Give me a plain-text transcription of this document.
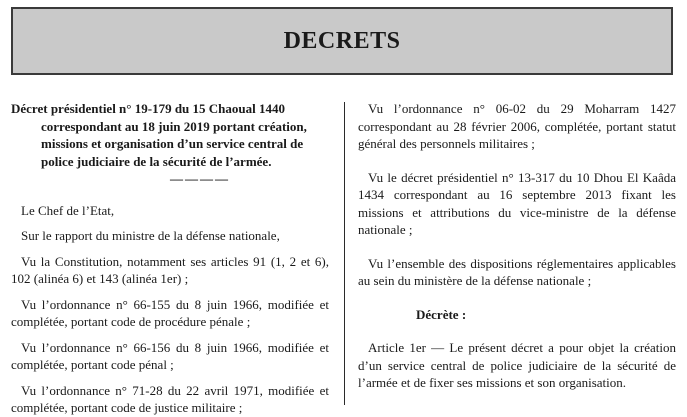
DECRETS

Décret présidentiel n° 19-179 du 15 Chaoual 1440
correspondant au 18 juin 2019 portant création,
missions et organisation d’un service central de
police judiciaire de la sécurité de l’armée.

————

Le Chef de l’Etat,

Sur le rapport du ministre de la défense nationale,

Vu la Constitution, notamment ses articles 91 (1, 2 et 6), 102 (alinéa 6) et 143 (alinéa 1er) ;

Vu l’ordonnance n° 66-155 du 8 juin 1966, modifiée et complétée, portant code de procédure pénale ;

Vu l’ordonnance n° 66-156 du 8 juin 1966, modifiée et complétée, portant code pénal ;

Vu l’ordonnance n° 71-28 du 22 avril 1971, modifiée et complétée, portant code de justice militaire ;

Vu l’ordonnance n° 06-02 du 29 Moharram 1427 correspondant au 28 février 2006, complétée, portant statut général des personnels militaires ;

Vu le décret présidentiel n° 13-317 du 10 Dhou El Kaâda 1434 correspondant au 16 septembre 2013 fixant les missions et attributions du vice-ministre de la défense nationale ;

Vu l’ensemble des dispositions réglementaires applicables au sein du ministère de la défense nationale ;

Décrète :

Article 1er — Le présent décret a pour objet la création d’un service central de police judiciaire de la sécurité de l’armée et de fixer ses missions et son organisation.
